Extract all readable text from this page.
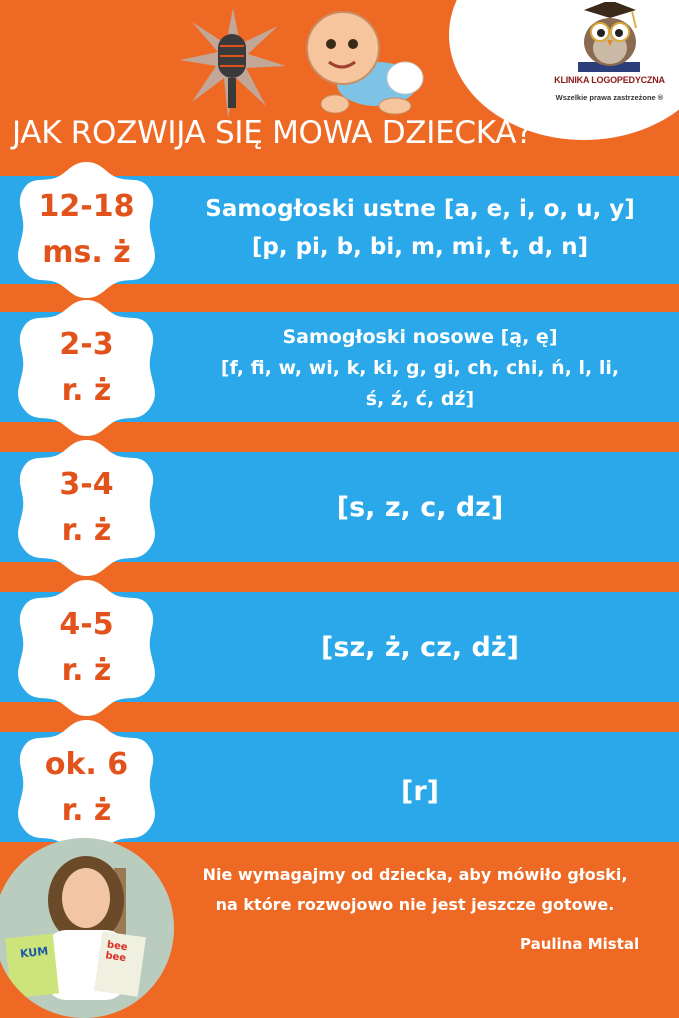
KLINIKA LOGOPEDYCZNA
Wszelkie prawa zastrzeżone ®
JAK ROZWIJA SIĘ MOWA DZIECKA?
12-18
ms. ż
Samogłoski ustne [a, e, i, o, u, y]
[p, pi, b, bi, m, mi, t, d, n]
2-3
r. ż
Samogłoski nosowe [ą, ę]
[f, fi, w, wi, k, ki, g, gi, ch, chi, ń, l, li,
ś, ź, ć, dź]
3-4
r. ż
[s, z, c, dz]
4-5
r. ż
[sz, ż, cz, dż]
ok. 6
r. ż
[r]
KUM	bee bee
Nie wymagajmy od dziecka, aby mówiło głoski,
na które rozwojowo nie jest jeszcze gotowe.
Paulina Mistal
